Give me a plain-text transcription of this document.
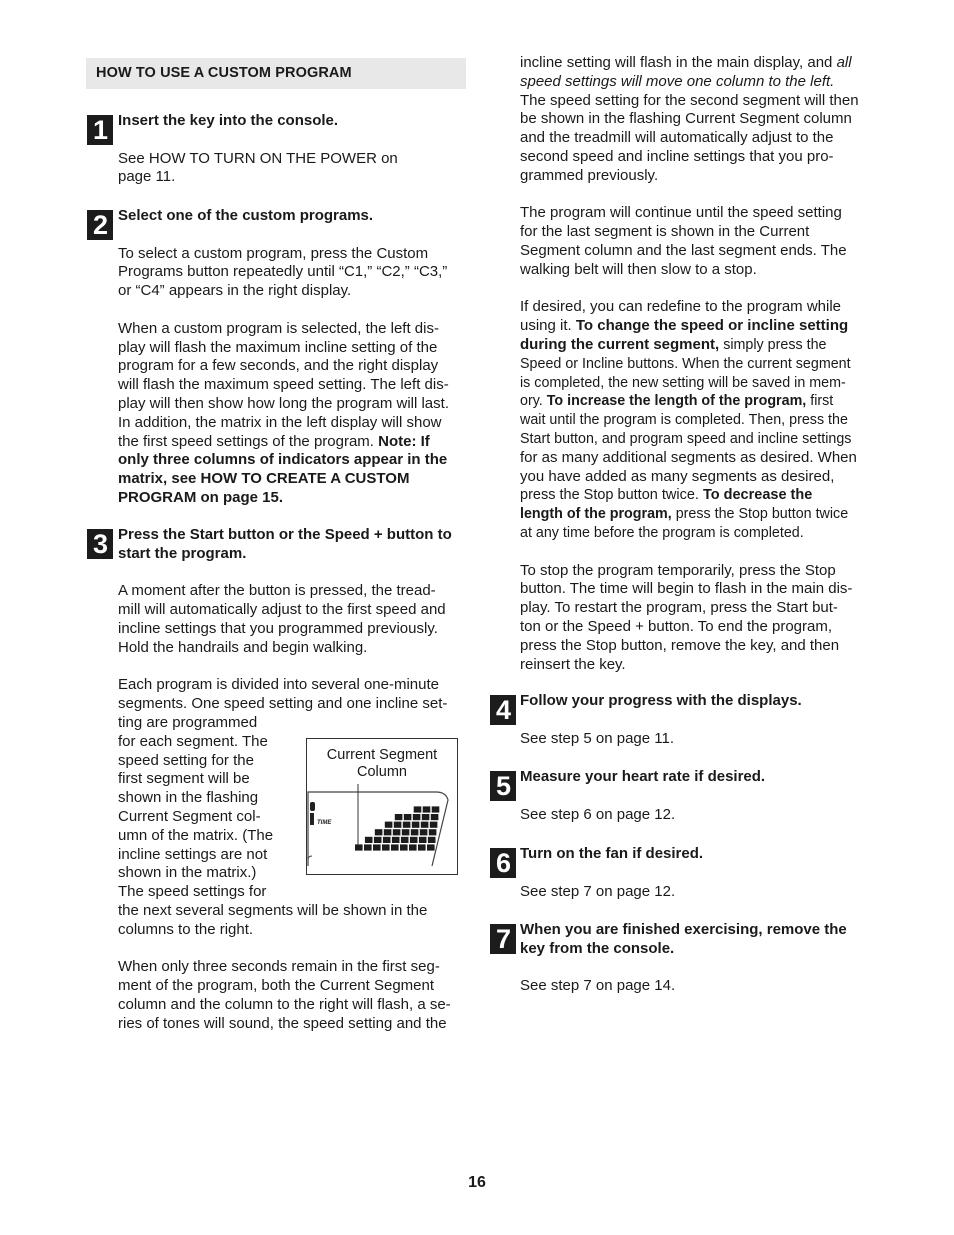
HOW TO USE A CUSTOM PROGRAM
1 Insert the key into the console.

See HOW TO TURN ON THE POWER on

page 11.

2 Select one of the custom programs.

To select a custom program, press the Custom

Programs button repeatedly until “C1,” “C2,” “C3,”

or “C4” appears in the right display.

When a custom program is selected, the left dis-

play will flash the maximum incline setting of the

program for a few seconds, and the right display

will flash the maximum speed setting. The left dis-

play will then show how long the program will last.

In addition, the matrix in the left display will show

the first speed settings of the program. Note: If

only three columns of indicators appear in the

matrix, see HOW TO CREATE A CUSTOM

PROGRAM on page 15.

3 Press the Start button or the Speed + button to

start the program.

A moment after the button is pressed, the tread-

mill will automatically adjust to the first speed and

incline settings that you programmed previously.

Hold the handrails and begin walking.

Each program is divided into several one-minute

segments. One speed setting and one incline set-

ting are programmed

for each segment. The

speed setting for the

first segment will be

shown in the flashing

Current Segment col-

umn of the matrix. (The

incline settings are not

shown in the matrix.)

The speed settings for

the next several segments will be shown in the

columns to the right.

When only three seconds remain in the first seg-

ment of the program, both the Current Segment

column and the column to the right will flash, a se-

ries of tones will sound, the speed setting and the

Current Segment
Column
TIME

incline setting will flash in the main display, and all

speed settings will move one column to the left.

The speed setting for the second segment will then

be shown in the flashing Current Segment column

and the treadmill will automatically adjust to the

second speed and incline settings that you pro-

grammed previously.

The program will continue until the speed setting

for the last segment is shown in the Current

Segment column and the last segment ends. The

walking belt will then slow to a stop.

If desired, you can redefine to the program while

using it. To change the speed or incline setting

during the current segment, simply press the

Speed or Incline buttons. When the current segment

is completed, the new setting will be saved in mem-

ory. To increase the length of the program, first

wait until the program is completed. Then, press the

Start button, and program speed and incline settings

for as many additional segments as desired. When

you have added as many segments as desired,

press the Stop button twice. To decrease the

length of the program, press the Stop button twice

at any time before the program is completed.

To stop the program temporarily, press the Stop

button. The time will begin to flash in the main dis-

play. To restart the program, press the Start but-

ton or the Speed + button. To end the program,

press the Stop button, remove the key, and then

reinsert the key.

4 Follow your progress with the displays.

See step 5 on page 11.

5 Measure your heart rate if desired.

See step 6 on page 12.

6 Turn on the fan if desired.

See step 7 on page 12.

7 When you are finished exercising, remove the

key from the console.

See step 7 on page 14.

16
